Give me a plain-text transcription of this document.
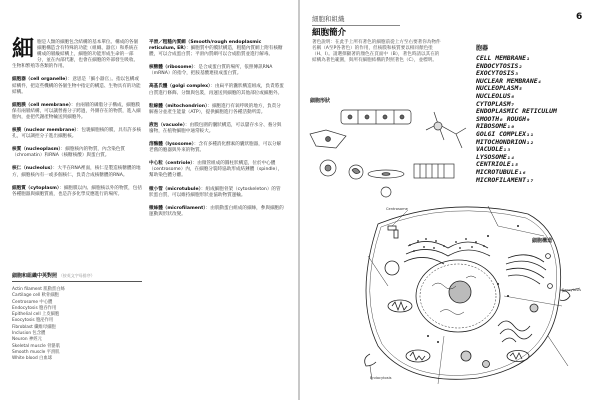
細 胞是人類的細胞包含結構的基本單位。構成的各個細胞構造含有特殊的功能（組織、器官）和系統在構成的層級結構上，細胞的功能形成生命的一部分，並在內部代謝，也會在細胞的外部發生吸收、生物和繁殖等各類的作用。
細胞器（cell organelle）：意思是「細小器官」。指以包構或結構件，把這些機構的各個生物中指定的構造、生物具有的功能結構。
細胞膜（cell membrane）：由兩層的磷脂分子構成，細胞膜保有兩層結構，可以讓營養分子跨過，外側存在的物質，進入細胞內，並把代謝產物輸送到細胞外。
核膜（nuclear membrane）：包裹細胞核的膜，具有許多核孔，可以調控分子進出細胞核。
核質（nucleoplasm）：細胞核內的物質，內含染色質（chromatin）和RNA（核糖核酸）與蛋白質。
核仁（nucleolus）：大半在RNA裡面，核仁是製造核糖體的地方，細胞核內有一或多個核仁，負責合成核糖體的RNA。
細胞質（cytoplasm）：細胞膜以內、細胞核以外的物質，包括各種胞器與細胞質液，也是許多化學反應進行的場所。
平滑／粗糙內質網（Smooth/rough endoplasmic reticulum, ER）：細胞質中的膜狀構造，粗糙內質網上附有核糖體，可以合成蛋白質；平滑內質網可以合成脂質並進行解毒。
核糖體（ribosome）：是合成蛋白質的場所，依照傳訊RNA（mRNA）的指令，把胺基酸連接成蛋白質。
高基氏體（golgi complex）：由扁平的囊狀構造組成，負責將蛋白質進行修飾、分類與包裝，再運送到細胞的其他部位或細胞外。
粒線體（mitochondrion）：細胞進行有氧呼吸的地方，負責分解養分並產生能量（ATP），提供細胞進行各種活動所需。
液泡（vacuole）：由膜包圍的囊狀構造，可以儲存水分、養分與廢物，在植物細胞中通常較大。
溶酶體（lysosome）：含有多種消化酵素的囊狀胞器，可以分解老舊的胞器與外來的物質。
中心粒（centriole）：由微管組成的圓柱狀構造，位於中心體（centrosome）內，在細胞分裂時協助形成紡錘體（spindle），幫助染色體分離。
微小管（microtubule）：組成細胞骨架（cytoskeleton）的管狀蛋白質，可以維持細胞形狀並協助物質運輸。
微絲體（microfilament）：由肌動蛋白組成的細絲，參與細胞的運動與形狀改變。
細胞和組織中英對照 （按英文字母排序）
Actin filament 肌動蛋白絲
Cartilage cell 軟骨細胞
Centrosome 中心體
Endocytosis 胞吞作用
Epithelial cell 上皮細胞
Exocytosis 胞泌作用
Fibroblast 纖維母細胞
Inclusion 包含體
Neuron 神經元
Skeletal muscle 骨骼肌
Smooth muscle 平滑肌
White blood 白血球
6
細胞和組織
細胞簡介
著色說明：在此手上所有著色的細胞前從上方至右要著你為物件名稱（A至P各著色）的作用，但核膜和核質要以相同顏色塗（H、I）。請選擇顯著的顏色在頁面中（B），著色時請以其在的結構為著色範圍，與所有細胞結構的對照著色（C），並標明。
胞器
CELL MEMBRANE₁
ENDOCYTOSIS₂
EXOCYTOSIS₃
NUCLEAR MEMBRANE₄
NUCLEOPLASM₅
NUCLEOLUS₆
CYTOPLASM₇
ENDOPLASMIC RETICULUM
SMOOTH₈ ROUGH₉
RIBOSOME₁₀
GOLGI COMPLEX₁₁
MITOCHONDRION₁₂
VACUOLE₁₃
LYSOSOME₁₄
CENTRIOLE₁₅
MICROTUBULE₁₆
MICROFILAMENT₁₇
細胞形狀
細胞構造
Centrosome
Exocytosis
Endocytosis
